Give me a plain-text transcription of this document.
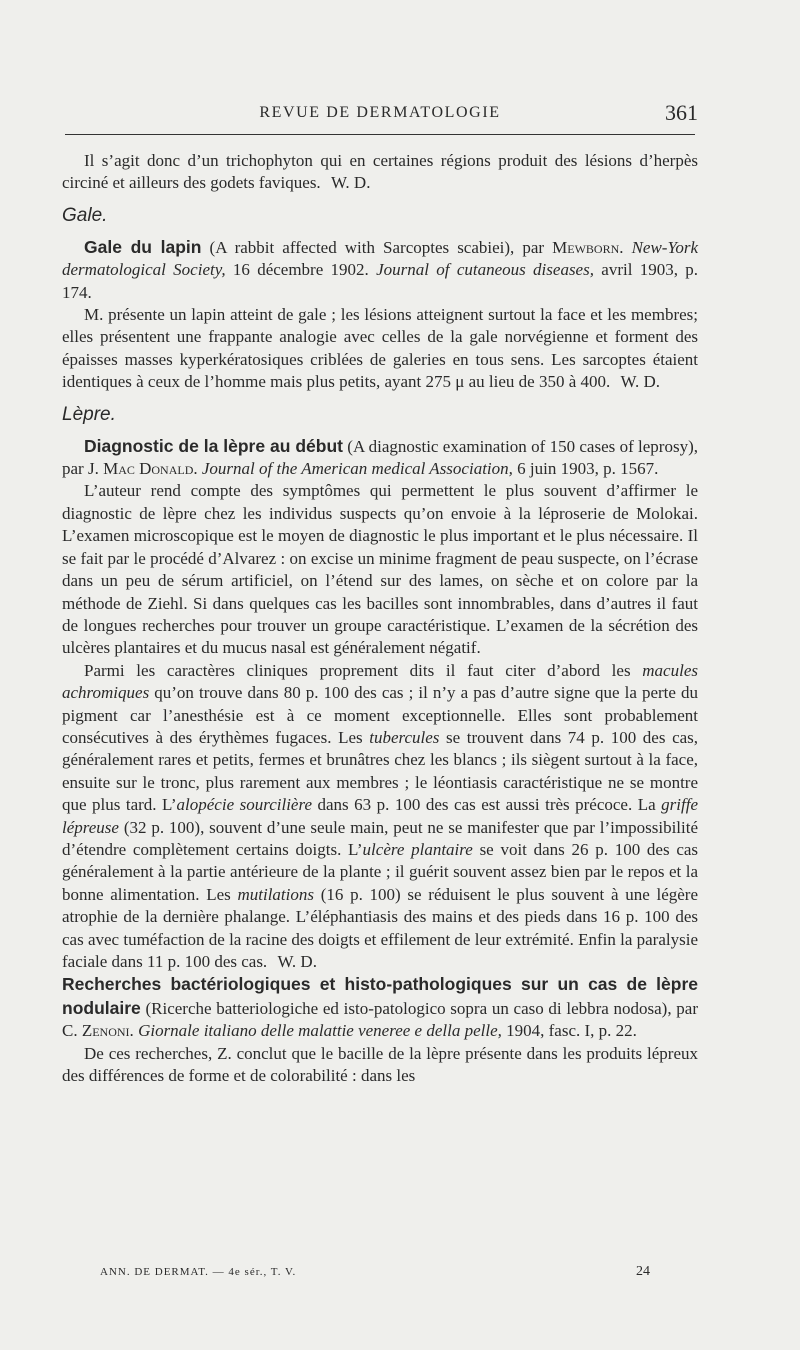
REVUE DE DERMATOLOGIE	361

Il s’agit donc d’un trichophyton qui en certaines régions produit des lésions d’herpès circiné et ailleurs des godets faviques. W. D.

Gale.

Gale du lapin (A rabbit affected with Sarcoptes scabiei), par Mewborn. New-York dermatological Society, 16 décembre 1902. Journal of cutaneous diseases, avril 1903, p. 174.

M. présente un lapin atteint de gale ; les lésions atteignent surtout la face et les membres; elles présentent une frappante analogie avec celles de la gale norvégienne et forment des épaisses masses kyperkératosiques criblées de galeries en tous sens. Les sarcoptes étaient identiques à ceux de l’homme mais plus petits, ayant 275 μ au lieu de 350 à 400. W. D.

Lèpre.

Diagnostic de la lèpre au début (A diagnostic examination of 150 cases of leprosy), par J. Mac Donald. Journal of the American medical Association, 6 juin 1903, p. 1567.

L’auteur rend compte des symptômes qui permettent le plus souvent d’affirmer le diagnostic de lèpre chez les individus suspects qu’on envoie à la léproserie de Molokai. L’examen microscopique est le moyen de diagnostic le plus important et le plus nécessaire. Il se fait par le procédé d’Alvarez : on excise un minime fragment de peau suspecte, on l’écrase dans un peu de sérum artificiel, on l’étend sur des lames, on sèche et on colore par la méthode de Ziehl. Si dans quelques cas les bacilles sont innombrables, dans d’autres il faut de longues recherches pour trouver un groupe caractéristique. L’examen de la sécrétion des ulcères plantaires et du mucus nasal est généralement négatif.

Parmi les caractères cliniques proprement dits il faut citer d’abord les macules achromiques qu’on trouve dans 80 p. 100 des cas ; il n’y a pas d’autre signe que la perte du pigment car l’anesthésie est à ce moment exceptionnelle. Elles sont probablement consécutives à des érythèmes fugaces. Les tubercules se trouvent dans 74 p. 100 des cas, généralement rares et petits, fermes et brunâtres chez les blancs ; ils siègent surtout à la face, ensuite sur le tronc, plus rarement aux membres ; le léontiasis caractéristique ne se montre que plus tard. L’alopécie sourcilière dans 63 p. 100 des cas est aussi très précoce. La griffe lépreuse (32 p. 100), souvent d’une seule main, peut ne se manifester que par l’impossibilité d’étendre complètement certains doigts. L’ulcère plantaire se voit dans 26 p. 100 des cas généralement à la partie antérieure de la plante ; il guérit souvent assez bien par le repos et la bonne alimentation. Les mutilations (16 p. 100) se réduisent le plus souvent à une légère atrophie de la dernière phalange. L’éléphantiasis des mains et des pieds dans 16 p. 100 des cas avec tuméfaction de la racine des doigts et effilement de leur extrémité. Enfin la paralysie faciale dans 11 p. 100 des cas. W. D.

Recherches bactériologiques et histo-pathologiques sur un cas de lèpre nodulaire (Ricerche batteriologiche ed isto-patologico sopra un caso di lebbra nodosa), par C. Zenoni. Giornale italiano delle malattie veneree e della pelle, 1904, fasc. I, p. 22.

De ces recherches, Z. conclut que le bacille de la lèpre présente dans les produits lépreux des différences de forme et de colorabilité : dans les

ANN. DE DERMAT. — 4e sér., T. V.	24
